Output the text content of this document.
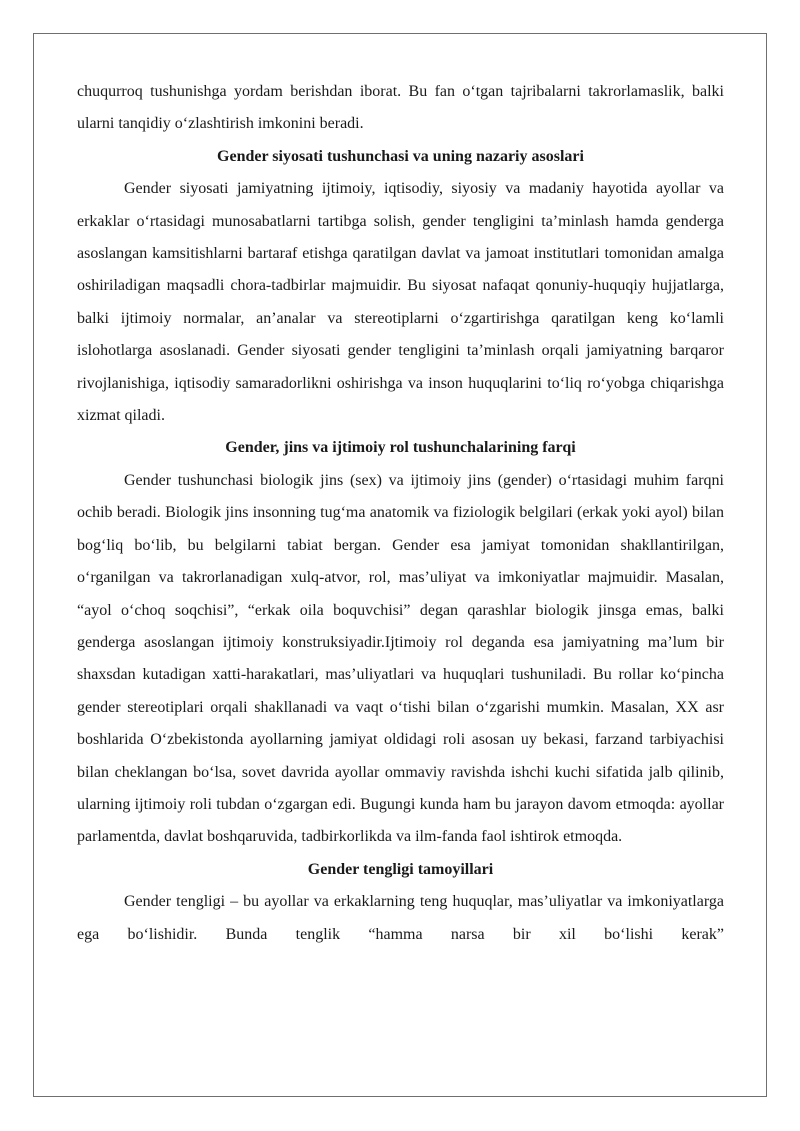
chuqurroq tushunishga yordam berishdan iborat. Bu fan o‘tgan tajribalarni takrorlamaslik, balki ularni tanqidiy o‘zlashtirish imkonini beradi.

Gender siyosati tushunchasi va uning nazariy asoslari

Gender siyosati jamiyatning ijtimoiy, iqtisodiy, siyosiy va madaniy hayotida ayollar va erkaklar o‘rtasidagi munosabatlarni tartibga solish, gender tengligini ta’minlash hamda genderga asoslangan kamsitishlarni bartaraf etishga qaratilgan davlat va jamoat institutlari tomonidan amalga oshiriladigan maqsadli chora-tadbirlar majmuidir. Bu siyosat nafaqat qonuniy-huquqiy hujjatlarga, balki ijtimoiy normalar, an’analar va stereotiplarni o‘zgartirishga qaratilgan keng ko‘lamli islohotlarga asoslanadi. Gender siyosati gender tengligini ta’minlash orqali jamiyatning barqaror rivojlanishiga, iqtisodiy samaradorlikni oshirishga va inson huquqlarini to‘liq ro‘yobga chiqarishga xizmat qiladi.

Gender, jins va ijtimoiy rol tushunchalarining farqi

Gender tushunchasi biologik jins (sex) va ijtimoiy jins (gender) o‘rtasidagi muhim farqni ochib beradi. Biologik jins insonning tug‘ma anatomik va fiziologik belgilari (erkak yoki ayol) bilan bog‘liq bo‘lib, bu belgilarni tabiat bergan. Gender esa jamiyat tomonidan shakllantirilgan, o‘rganilgan va takrorlanadigan xulq-atvor, rol, mas’uliyat va imkoniyatlar majmuidir. Masalan, “ayol o‘choq soqchisi”, “erkak oila boquvchisi” degan qarashlar biologik jinsga emas, balki genderga asoslangan ijtimoiy konstruksiyadir.Ijtimoiy rol deganda esa jamiyatning ma’lum bir shaxsdan kutadigan xatti-harakatlari, mas’uliyatlari va huquqlari tushuniladi. Bu rollar ko‘pincha gender stereotiplari orqali shakllanadi va vaqt o‘tishi bilan o‘zgarishi mumkin. Masalan, XX asr boshlarida O‘zbekistonda ayollarning jamiyat oldidagi roli asosan uy bekasi, farzand tarbiyachisi bilan cheklangan bo‘lsa, sovet davrida ayollar ommaviy ravishda ishchi kuchi sifatida jalb qilinib, ularning ijtimoiy roli tubdan o‘zgargan edi. Bugungi kunda ham bu jarayon davom etmoqda: ayollar parlamentda, davlat boshqaruvida, tadbirkorlikda va ilm-fanda faol ishtirok etmoqda.

Gender tengligi tamoyillari

Gender tengligi – bu ayollar va erkaklarning teng huquqlar, mas’uliyatlar va imkoniyatlarga ega bo‘lishidir. Bunda tenglik “hamma narsa bir xil bo‘lishi kerak”
